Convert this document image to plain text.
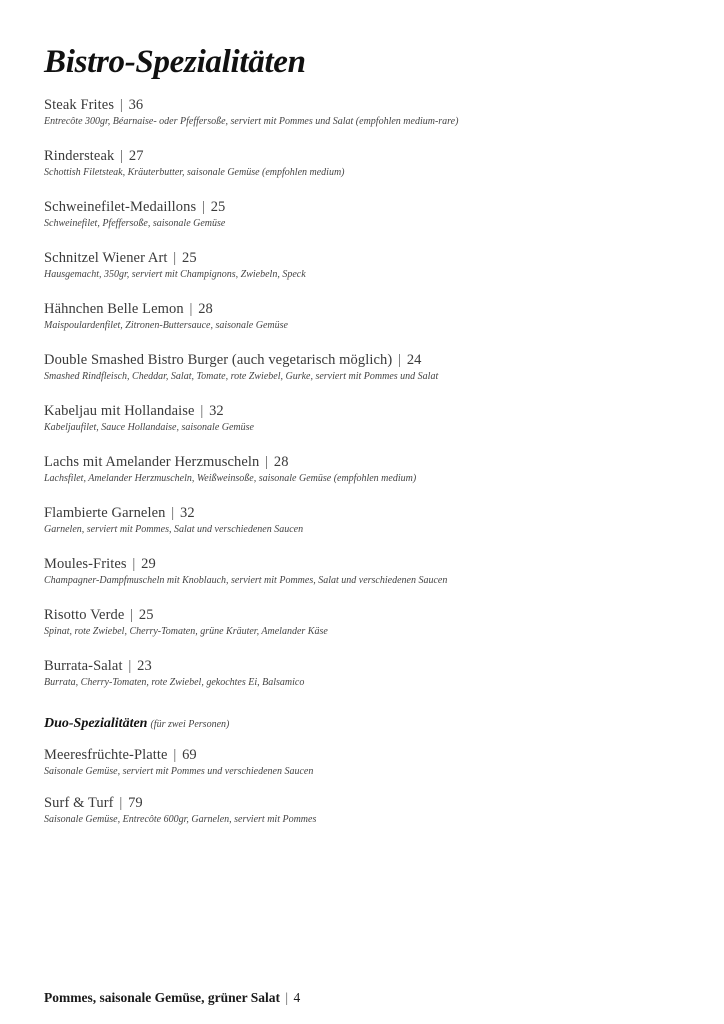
Bistro-Spezialitäten
Steak Frites | 36
Entrecôte 300gr, Béarnaise- oder Pfeffersoße, serviert mit Pommes und Salat (empfohlen medium-rare)
Rindersteak | 27
Schottish Filetsteak, Kräuterbutter, saisonale Gemüse (empfohlen medium)
Schweinefilet-Medaillons | 25
Schweinefilet, Pfeffersoße, saisonale Gemüse
Schnitzel Wiener Art | 25
Hausgemacht, 350gr, serviert mit Champignons, Zwiebeln, Speck
Hähnchen Belle Lemon | 28
Maispoulardenfilet, Zitronen-Buttersauce, saisonale Gemüse
Double Smashed Bistro Burger (auch vegetarisch möglich) | 24
Smashed Rindfleisch, Cheddar, Salat, Tomate, rote Zwiebel, Gurke, serviert mit Pommes und Salat
Kabeljau mit Hollandaise | 32
Kabeljaufilet, Sauce Hollandaise, saisonale Gemüse
Lachs mit Amelander Herzmuscheln | 28
Lachsfilet, Amelander Herzmuscheln, Weißweinsoße, saisonale Gemüse (empfohlen medium)
Flambierte Garnelen | 32
Garnelen, serviert mit Pommes, Salat und verschiedenen Saucen
Moules-Frites | 29
Champagner-Dampfmuscheln mit Knoblauch, serviert mit Pommes, Salat und verschiedenen Saucen
Risotto Verde | 25
Spinat, rote Zwiebel, Cherry-Tomaten, grüne Kräuter, Amelander Käse
Burrata-Salat | 23
Burrata, Cherry-Tomaten, rote Zwiebel, gekochtes Ei, Balsamico
Duo-Spezialitäten (für zwei Personen)
Meeresfrüchte-Platte | 69
Saisonale Gemüse, serviert mit Pommes und verschiedenen Saucen
Surf & Turf | 79
Saisonale Gemüse, Entrecôte 600gr, Garnelen, serviert mit Pommes
Pommes, saisonale Gemüse, grüner Salat | 4
